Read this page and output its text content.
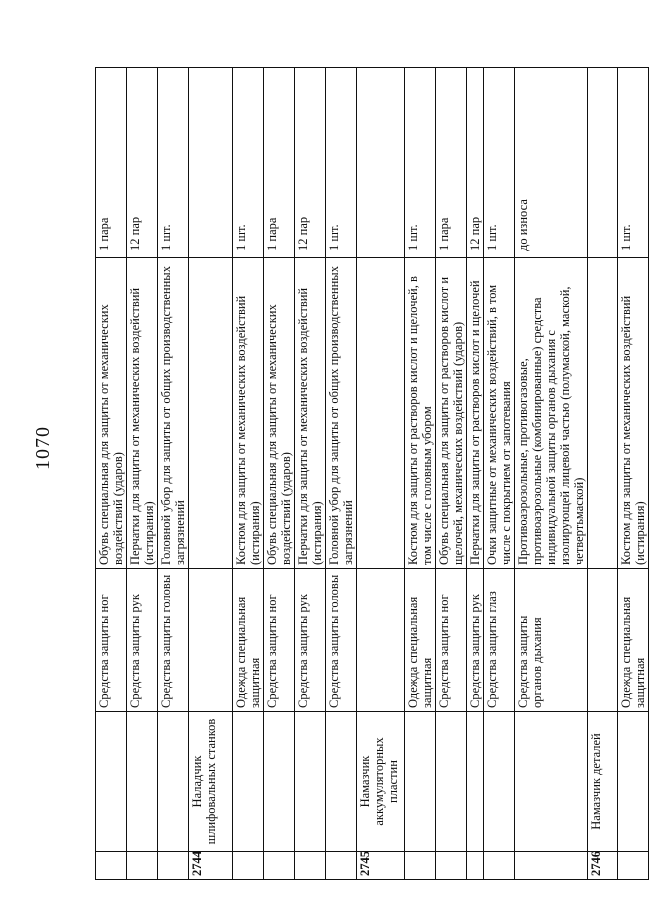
1070
		Средства защиты ног	Обувь специальная для защиты от механических воздействий (ударов)	1 пара
		Средства защиты рук	Перчатки для защиты от механических воздействий (истирания)	12 пар
		Средства защиты головы	Головной убор для защиты от общих производственных загрязнений	1 шт.
2744	Наладчик шлифовальных станков			
		Одежда специальная защитная	Костюм для защиты от механических воздействий (истирания)	1 шт.
		Средства защиты ног	Обувь специальная для защиты от механических воздействий (ударов)	1 пара
		Средства защиты рук	Перчатки для защиты от механических воздействий (истирания)	12 пар
		Средства защиты головы	Головной убор для защиты от общих производственных загрязнений	1 шт.
2745	Намазчик аккумуляторных пластин			
		Одежда специальная защитная	Костюм для защиты от растворов кислот и щелочей, в том числе с головным убором	1 шт.
		Средства защиты ног	Обувь специальная для защиты от растворов кислот и щелочей, механических воздействий (ударов)	1 пара
		Средства защиты рук	Перчатки для защиты от растворов кислот и щелочей	12 пар
		Средства защиты глаз	Очки защитные от механических воздействий, в том числе с покрытием от запотевания	1 шт.
		Средства защиты органов дыхания	Противоаэрозольные, противогазовые, противоаэрозольные (комбинированные) средства индивидуальной защиты органов дыхания с изолирующей лицевой частью (полумаской, маской, четвертьмаской)	до износа
2746	Намазчик деталей			
		Одежда специальная защитная	Костюм для защиты от механических воздействий (истирания)	1 шт.
